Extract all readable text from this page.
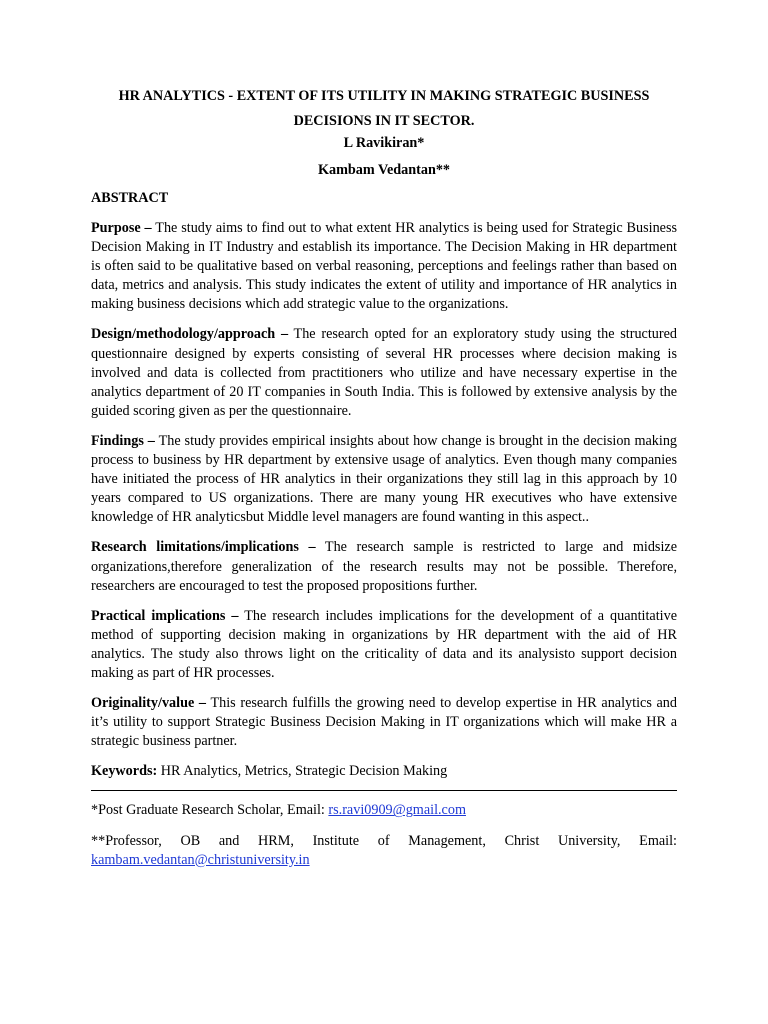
HR ANALYTICS - EXTENT OF ITS UTILITY IN MAKING STRATEGIC BUSINESS
DECISIONS IN IT SECTOR.

L Ravikiran*

Kambam Vedantan**

ABSTRACT

Purpose – The study aims to find out to what extent HR analytics is being used for Strategic Business Decision Making in IT Industry and establish its importance. The Decision Making in HR department is often said to be qualitative based on verbal reasoning, perceptions and feelings rather than based on data, metrics and analysis. This study indicates the extent of utility and importance of HR analytics in making business decisions which add strategic value to the organizations.

Design/methodology/approach – The research opted for an exploratory study using the structured questionnaire designed by experts consisting of several HR processes where decision making is involved and data is collected from practitioners who utilize and have necessary expertise in the analytics department of 20 IT companies in South India. This is followed by extensive analysis by the guided scoring given as per the questionnaire.

Findings – The study provides empirical insights about how change is brought in the decision making process to business by HR department by extensive usage of analytics. Even though many companies have initiated the process of HR analytics in their organizations they still lag in this approach by 10 years compared to US organizations. There are many young HR executives who have extensive knowledge of HR analyticsbut Middle level managers are found wanting in this aspect..

Research limitations/implications – The research sample is restricted to large and midsize organizations,therefore generalization of the research results may not be possible. Therefore, researchers are encouraged to test the proposed propositions further.

Practical implications – The research includes implications for the development of a quantitative method of supporting decision making in organizations by HR department with the aid of HR analytics. The study also throws light on the criticality of data and its analysisto support decision making as part of HR processes.

Originality/value – This research fulfills the growing need to develop expertise in HR analytics and it’s utility to support Strategic Business Decision Making in IT organizations which will make HR a strategic business partner.

Keywords: HR Analytics, Metrics, Strategic Decision Making

*Post Graduate Research Scholar, Email: rs.ravi0909@gmail.com

**Professor, OB and HRM, Institute of Management, Christ University, Email: kambam.vedantan@christuniversity.in
